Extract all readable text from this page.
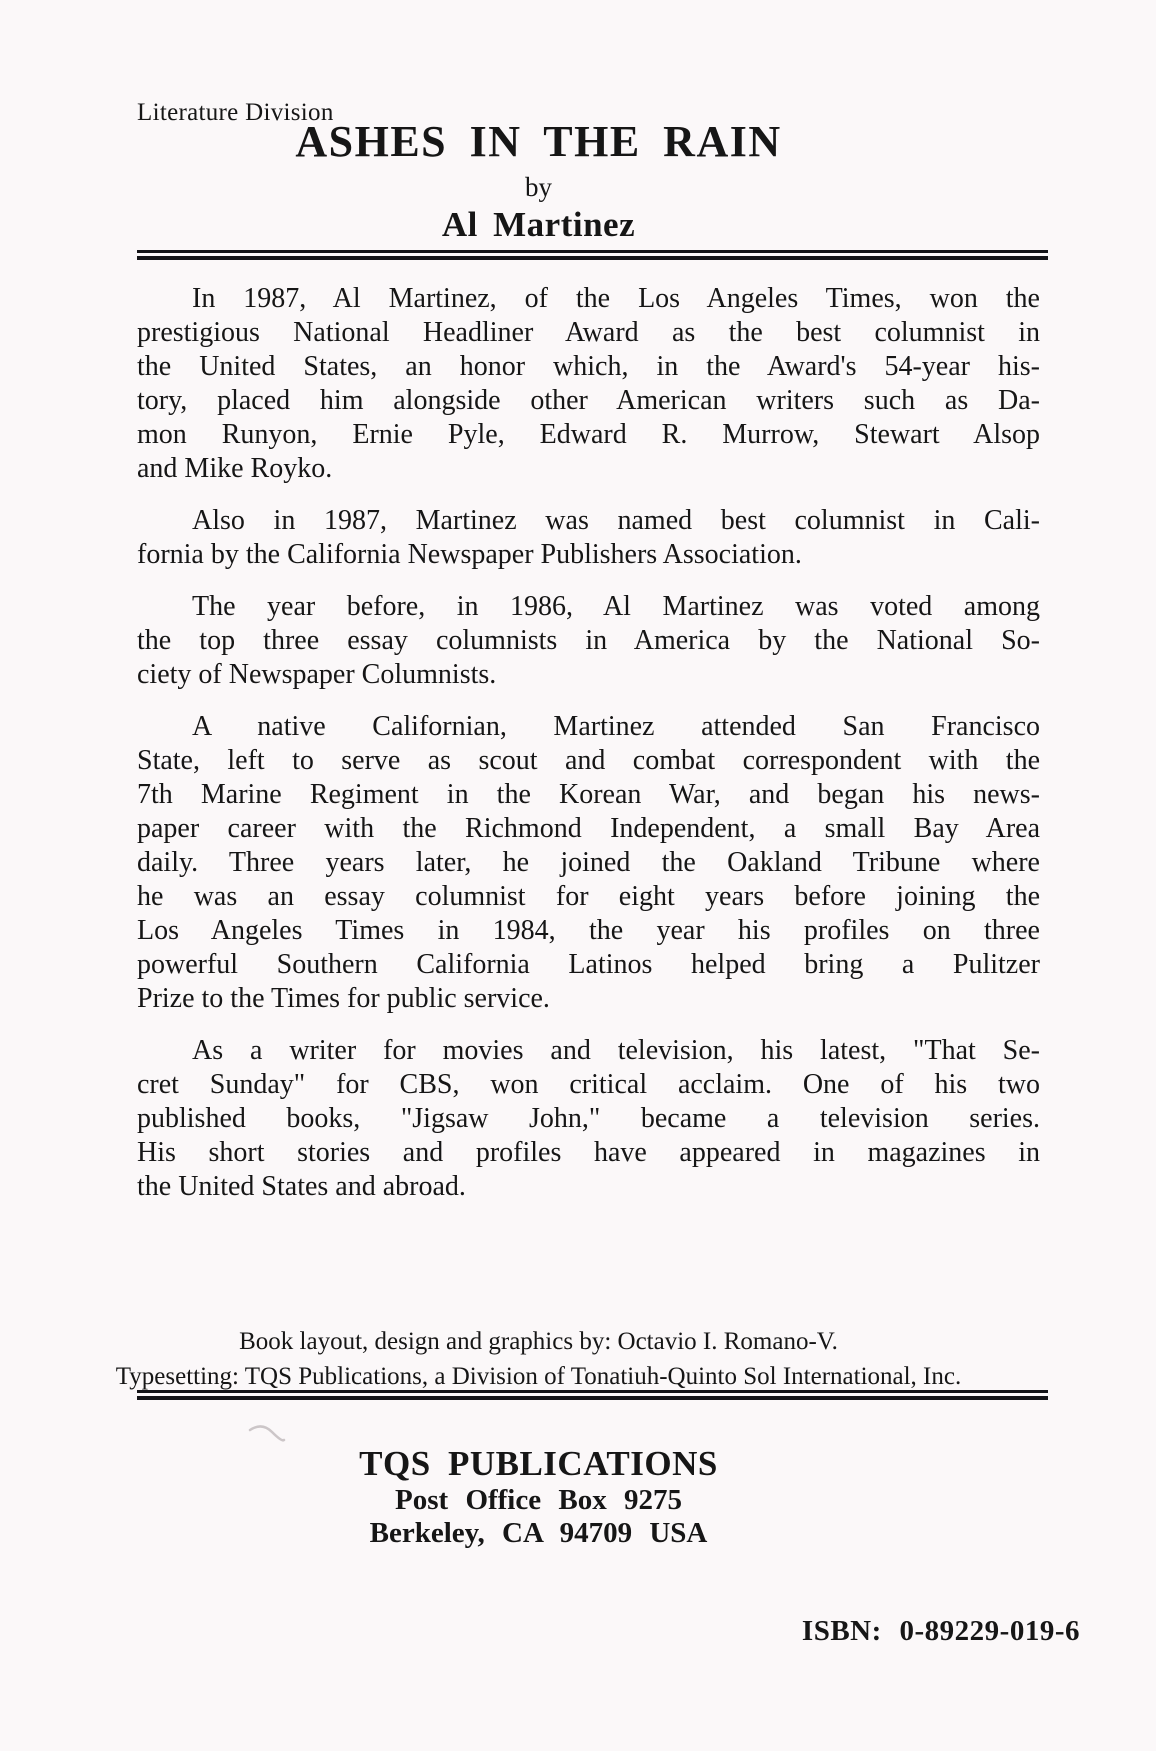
Literature Division
ASHES IN THE RAIN
by
Al Martinez
In 1987, Al Martinez, of the Los Angeles Times, won the
prestigious National Headliner Award as the best columnist in
the United States, an honor which, in the Award's 54-year his-
tory, placed him alongside other American writers such as Da-
mon Runyon, Ernie Pyle, Edward R. Murrow, Stewart Alsop
and Mike Royko.
Also in 1987, Martinez was named best columnist in Cali-
fornia by the California Newspaper Publishers Association.
The year before, in 1986, Al Martinez was voted among
the top three essay columnists in America by the National So-
ciety of Newspaper Columnists.
A native Californian, Martinez attended San Francisco
State, left to serve as scout and combat correspondent with the
7th Marine Regiment in the Korean War, and began his news-
paper career with the Richmond Independent, a small Bay Area
daily. Three years later, he joined the Oakland Tribune where
he was an essay columnist for eight years before joining the
Los Angeles Times in 1984, the year his profiles on three
powerful Southern California Latinos helped bring a Pulitzer
Prize to the Times for public service.
As a writer for movies and television, his latest, "That Se-
cret Sunday" for CBS, won critical acclaim. One of his two
published books, "Jigsaw John," became a television series.
His short stories and profiles have appeared in magazines in
the United States and abroad.
Book layout, design and graphics by: Octavio I. Romano-V.
Typesetting: TQS Publications, a Division of Tonatiuh-Quinto Sol International, Inc.
TQS PUBLICATIONS
Post Office Box 9275
Berkeley, CA 94709 USA
ISBN: 0-89229-019-6
